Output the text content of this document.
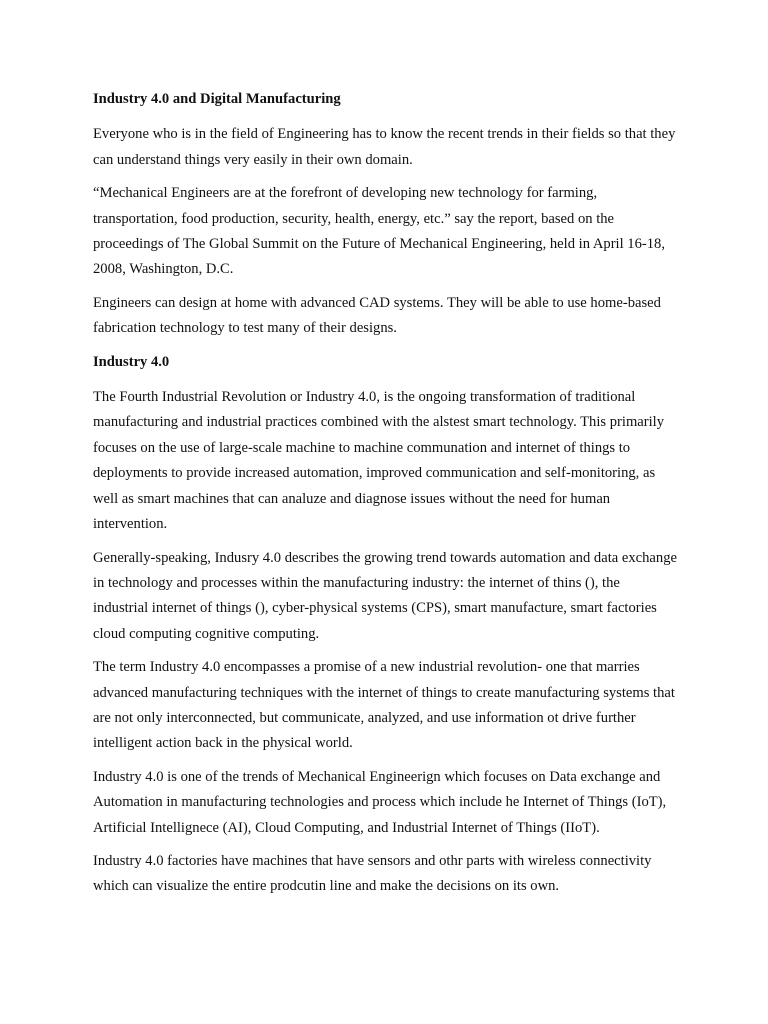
Industry 4.0 and Digital Manufacturing

Everyone who is in the field of Engineering has to know the recent trends in their fields so that they can understand things very easily in their own domain.

“Mechanical Engineers are at the forefront of developing new technology for farming, transportation, food production, security, health, energy, etc.” say the report, based on the proceedings of The Global Summit on the Future of Mechanical Engineering, held in April 16-18, 2008, Washington, D.C.

Engineers can design at home with advanced CAD systems. They will be able to use home-based fabrication technology to test many of their designs.

Industry 4.0

The Fourth Industrial Revolution or Industry 4.0, is the ongoing transformation of traditional manufacturing and industrial practices combined with the alstest smart technology. This primarily focuses on the use of large-scale machine to machine communation and internet of things to deployments to provide increased automation, improved communication and self-monitoring, as well as smart machines that can analuze and diagnose issues without the need for human intervention.

Generally-speaking, Indusry 4.0 describes the growing trend towards automation and data exchange in technology and processes within the manufacturing industry: the internet of thins (), the industrial internet of things (), cyber-physical systems (CPS), smart manufacture, smart factories cloud computing cognitive computing.

The term Industry 4.0 encompasses a promise of a new industrial revolution- one that marries advanced manufacturing techniques with the internet of things to create manufacturing systems that are not only interconnected, but communicate, analyzed, and use information ot drive further intelligent action back in the physical world.

Industry 4.0 is one of the trends of Mechanical Engineerign which focuses on Data exchange and Automation in manufacturing technologies and process which include he Internet of Things (IoT), Artificial Intellignece (AI), Cloud Computing, and Industrial Internet of Things (IIoT).

Industry 4.0 factories have machines that have sensors and othr parts with wireless connectivity which can visualize the entire prodcutin line and make the decisions on its own.
